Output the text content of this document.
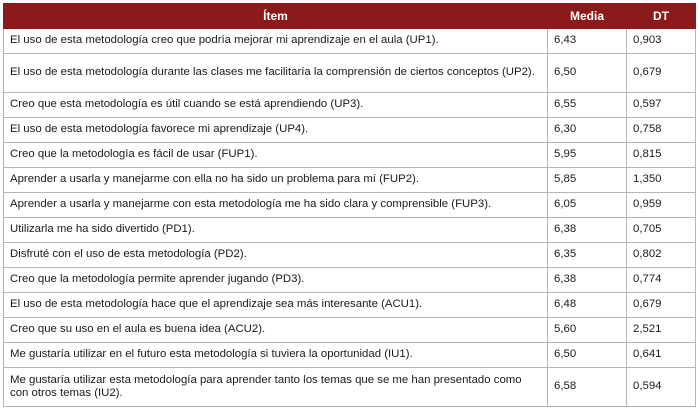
Ítem	Media	DT
El uso de esta metodología creo que podría mejorar mi aprendizaje en el aula (UP1).	6,43	0,903
El uso de esta metodología durante las clases me facilitaría la comprensión de ciertos conceptos (UP2).	6,50	0,679
Creo que esta metodología es útil cuando se está aprendiendo (UP3).	6,55	0,597
El uso de esta metodología favorece mi aprendizaje (UP4).	6,30	0,758
Creo que la metodología es fácil de usar (FUP1).	5,95	0,815
Aprender a usarla y manejarme con ella no ha sido un problema para mí (FUP2).	5,85	1,350
Aprender a usarla y manejarme con esta metodología me ha sido clara y comprensible (FUP3).	6,05	0,959
Utilizarla me ha sido divertido (PD1).	6,38	0,705
Disfruté con el uso de esta metodología (PD2).	6,35	0,802
Creo que la metodología permite aprender jugando (PD3).	6,38	0,774
El uso de esta metodología hace que el aprendizaje sea más interesante (ACU1).	6,48	0,679
Creo que su uso en el aula es buena idea (ACU2).	5,60	2,521
Me gustaría utilizar en el futuro esta metodología si tuviera la oportunidad (IU1).	6,50	0,641
Me gustaría utilizar esta metodología para aprender tanto los temas que se me han presentado como con otros temas (IU2).	6,58	0,594
